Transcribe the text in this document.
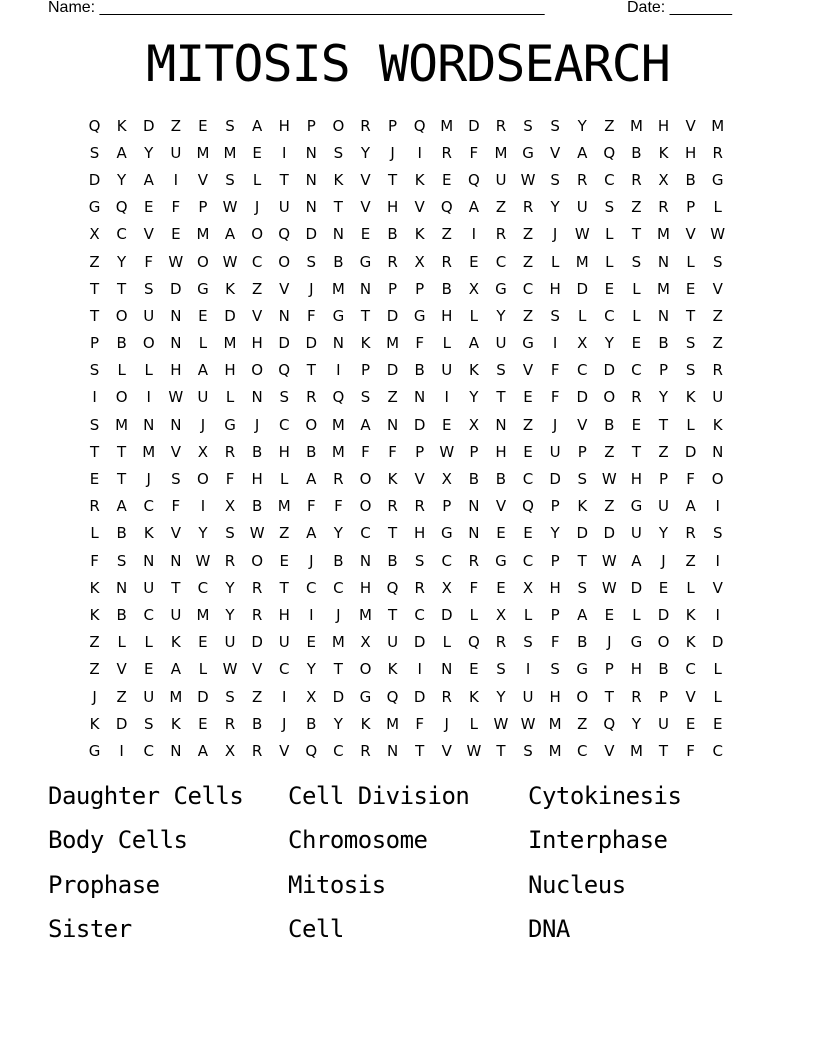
Name: __________________________________________________	Date: _______
MITOSIS WORDSEARCH
Q	K	D	Z	E	S	A	H	P	O	R	P	Q M D	R	S	S	Y	Z	M H	V	M
S	A	Y	U	M M	E	I	N	S	Y	J	I	R	F	M G	V	A	Q	B	K	H	R
D	Y	A	I	V	S	L	T	N	K	V	T	K	E	Q	U W S	R	C	R	X	B	G
G	Q	E	F	P	W	J	U	N	T	V	H	V	Q	A	Z	R	Y	U	S	Z	R	P	L
X	C	V	E	M	A	O	Q	D	N	E	B	K	Z	I	R	Z	J	W	L	T	M	V W
Z	Y	F	W O W C	O	S	B	G	R	X	R	E	C	Z	L	M	L	S	N	L	S
T	T	S	D	G	K	Z	V	J	M	N	P	P	B	X	G	C	H	D	E	L	M	E	V
T	O	U	N	E	D	V	N	F	G	T	D	G	H	L	Y	Z	S	L	C	L	N	T	Z
P	B	O	N	L	M H	D	D	N	K	M	F	L	A	U	G	I	X	Y	E	B	S	Z
S	L	L	H	A	H	O	Q	T	I	P	D	B	U	K	S	V	F	C	D	C	P	S	R
I	O	I	W U	L	N	S	R	Q	S	Z	N	I	Y	T	E	F	D	O	R	Y	K	U
S	M	N	N	J	G	J	C	O M	A	N	D	E	X	N	Z	J	V	B	E	T	L	K
T	T	M	V	X	R	B	H	B	M	F	F	P	W	P	H	E	U	P	Z	T	Z	D	N
E	T	J	S	O	F	H	L	A	R	O	K	V	X	B	B	C	D	S W H	P	F	O
R	A	C	F	I	X	B	M	F	F	O	R	R	P	N	V	Q	P	K	Z	G	U	A	I
L	B	K	V	Y	S W Z	A	Y	C	T	H	G	N	E	E	Y	D	D	U	Y	R	S
F	S	N	N W R	O	E	J	B	N	B	S	C	R	G	C	P	T	W A	J	Z	I
K	N	U	T	C	Y	R	T	C	C	H	Q	R	X	F	E	X	H	S W D	E	L	V
K	B	C	U	M	Y	R	H	I	J	M	T	C	D	L	X	L	P	A	E	L	D	K	I
Z	L	L	K	E	U	D	U	E	M	X	U	D	L	Q	R	S	F	B	J	G	O	K	D
Z	V	E	A	L	W V	C	Y	T	O	K	I	N	E	S	I	S	G	P	H	B	C	L
J	Z	U	M D	S	Z	I	X	D	G	Q	D	R	K	Y	U	H	O	T	R	P	V	L
K	D	S	K	E	R	B	J	B	Y	K	M	F	J	L	W W M	Z	Q	Y	U	E	E
G	I	C	N	A	X	R	V	Q	C	R	N	T	V W	T	S	M	C	V	M	T	F	C
Daughter Cells	Cell Division	Cytokinesis
Body Cells	Chromosome	Interphase
Prophase	Mitosis	Nucleus
Sister	Cell	DNA
